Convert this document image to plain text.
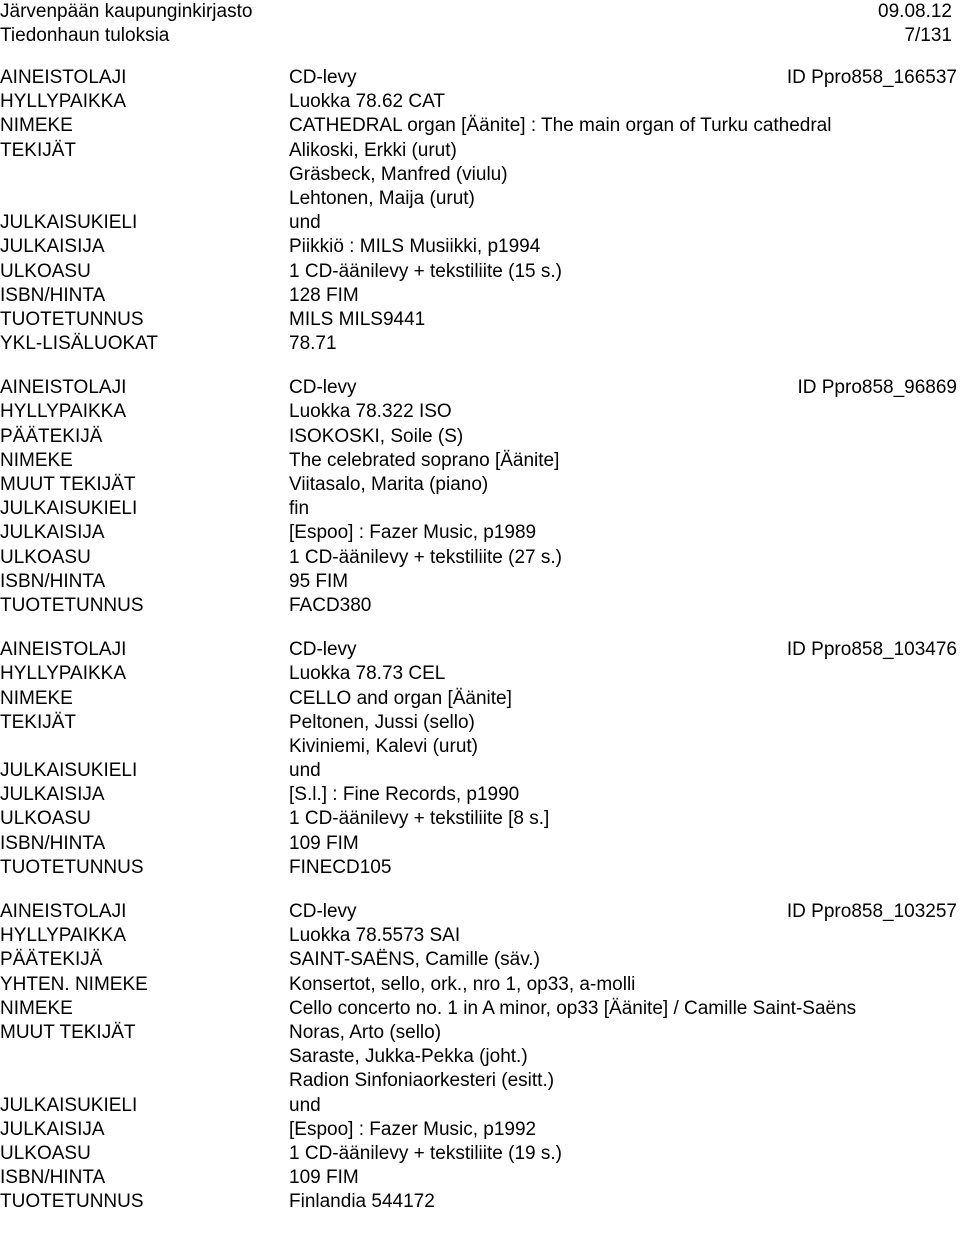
Järvenpään kaupunginkirjasto	09.08.12
Tiedonhaun tuloksia	7/131
AINEISTOLAJI	CD-levy	ID Ppro858_166537
HYLLYPAIKKA	Luokka 78.62 CAT
NIMEKE	CATHEDRAL organ [Äänite] : The main organ of Turku cathedral
TEKIJÄT	Alikoski, Erkki (urut)
Gräsbeck, Manfred (viulu)
Lehtonen, Maija (urut)
JULKAISUKIELI	und
JULKAISIJA	Piikkiö : MILS Musiikki, p1994
ULKOASU	1 CD-äänilevy + tekstiliite (15 s.)
ISBN/HINTA	128 FIM
TUOTETUNNUS	MILS MILS9441
YKL-LISÄLUOKAT	78.71
AINEISTOLAJI	CD-levy	ID Ppro858_96869
HYLLYPAIKKA	Luokka 78.322 ISO
PÄÄTEKIJÄ	ISOKOSKI, Soile (S)
NIMEKE	The celebrated soprano [Äänite]
MUUT TEKIJÄT	Viitasalo, Marita (piano)
JULKAISUKIELI	fin
JULKAISIJA	[Espoo] : Fazer Music, p1989
ULKOASU	1 CD-äänilevy + tekstiliite (27 s.)
ISBN/HINTA	95 FIM
TUOTETUNNUS	FACD380
AINEISTOLAJI	CD-levy	ID Ppro858_103476
HYLLYPAIKKA	Luokka 78.73 CEL
NIMEKE	CELLO and organ [Äänite]
TEKIJÄT	Peltonen, Jussi (sello)
Kiviniemi, Kalevi (urut)
JULKAISUKIELI	und
JULKAISIJA	[S.l.] : Fine Records, p1990
ULKOASU	1 CD-äänilevy + tekstiliite [8 s.]
ISBN/HINTA	109 FIM
TUOTETUNNUS	FINECD105
AINEISTOLAJI	CD-levy	ID Ppro858_103257
HYLLYPAIKKA	Luokka 78.5573 SAI
PÄÄTEKIJÄ	SAINT-SAËNS, Camille (säv.)
YHTEN. NIMEKE	Konsertot, sello, ork., nro 1, op33, a-molli
NIMEKE	Cello concerto no. 1 in A minor, op33 [Äänite] / Camille Saint-Saëns
MUUT TEKIJÄT	Noras, Arto (sello)
Saraste, Jukka-Pekka (joht.)
Radion Sinfoniaorkesteri (esitt.)
JULKAISUKIELI	und
JULKAISIJA	[Espoo] : Fazer Music, p1992
ULKOASU	1 CD-äänilevy + tekstiliite (19 s.)
ISBN/HINTA	109 FIM
TUOTETUNNUS	Finlandia 544172
